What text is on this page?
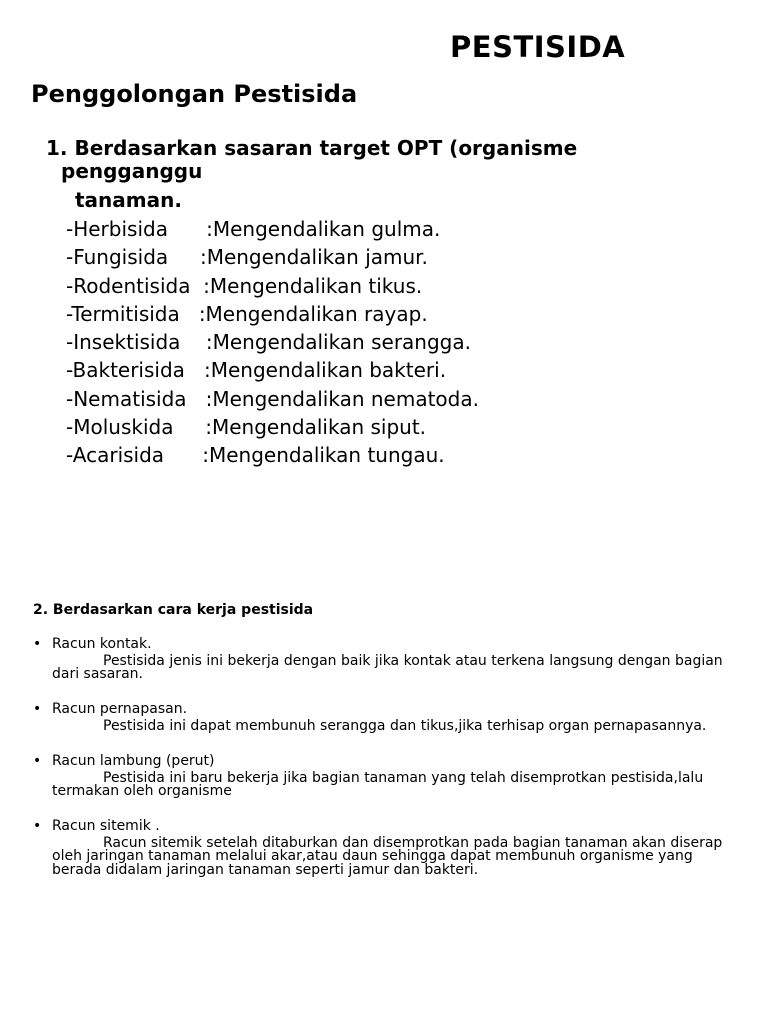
PESTISIDA
Penggolongan Pestisida
1. Berdasarkan sasaran target OPT (organisme
pengganggu
tanaman.
-Herbisida      :Mengendalikan gulma.
-Fungisida     :Mengendalikan jamur.
-Rodentisida  :Mengendalikan tikus.
-Termitisida   :Mengendalikan rayap.
-Insektisida    :Mengendalikan serangga.
-Bakterisida   :Mengendalikan bakteri.
-Nematisida   :Mengendalikan nematoda.
-Moluskida     :Mengendalikan siput.
-Acarisida      :Mengendalikan tungau.
2. Berdasarkan cara kerja pestisida
• Racun kontak.
Pestisida jenis ini bekerja dengan baik jika kontak atau terkena langsung dengan bagian dari sasaran.
• Racun pernapasan.
Pestisida ini dapat membunuh serangga dan tikus,jika terhisap organ pernapasannya.
• Racun lambung (perut)
Pestisida ini baru bekerja jika bagian tanaman yang telah disemprotkan pestisida,lalu termakan oleh organisme
• Racun sitemik .
Racun sitemik setelah ditaburkan dan disemprotkan pada bagian tanaman akan diserap oleh jaringan tanaman melalui akar,atau daun sehingga dapat membunuh organisme yang berada didalam jaringan tanaman seperti jamur dan bakteri.
